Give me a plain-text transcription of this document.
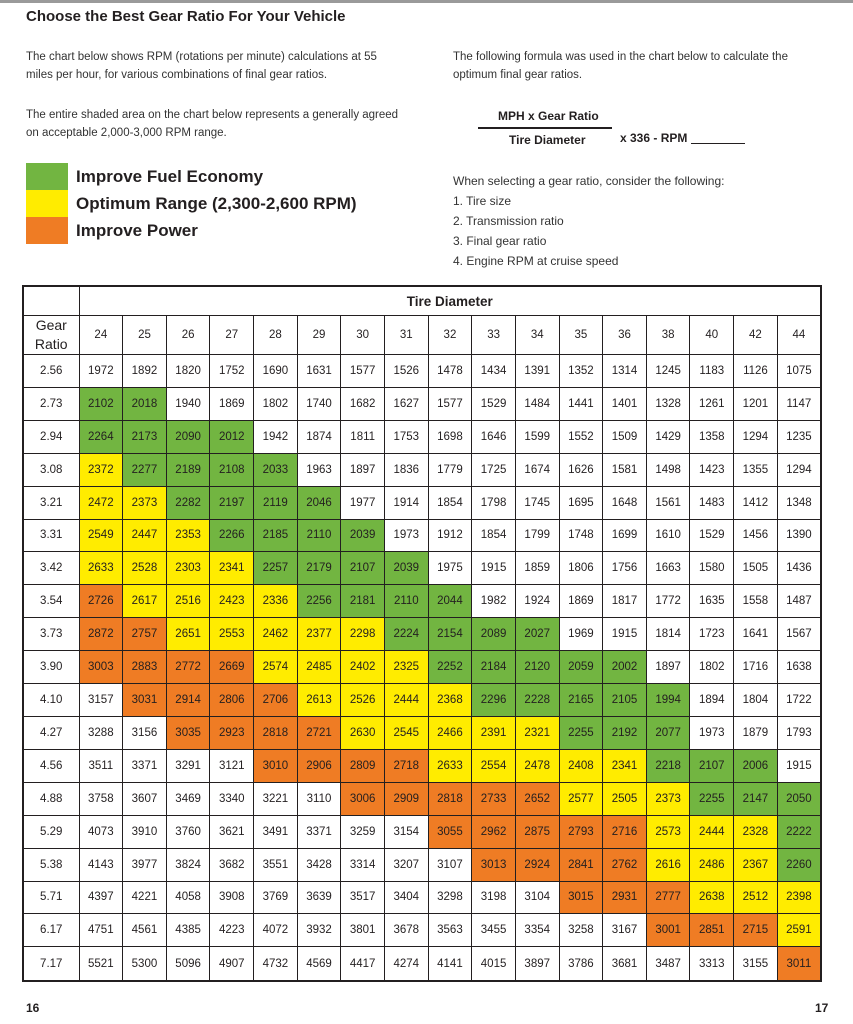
Choose the Best Gear Ratio For Your Vehicle
The chart below shows RPM (rotations per minute) calculations at 55 miles per hour, for various combinations of final gear ratios.
The entire shaded area on the chart below represents a generally agreed on acceptable 2,000-3,000 RPM range.
The following formula was used in the chart below to calculate the optimum final gear ratios.
MPH x Gear Ratio
Tire Diameter	x 336 - RPM
Improve Fuel Economy
Optimum Range (2,300-2,600 RPM)
Improve Power
When selecting a gear ratio, consider the following:
1. Tire size
2. Transmission ratio
3. Final gear ratio
4. Engine RPM at cruise speed
	Tire Diameter																
Gear Ratio	24	25	26	27	28	29	30	31	32	33	34	35	36	38	40	42	44
2.56	1972	1892	1820	1752	1690	1631	1577	1526	1478	1434	1391	1352	1314	1245	1183	1126	1075
2.73	2102	2018	1940	1869	1802	1740	1682	1627	1577	1529	1484	1441	1401	1328	1261	1201	1147
2.94	2264	2173	2090	2012	1942	1874	1811	1753	1698	1646	1599	1552	1509	1429	1358	1294	1235
3.08	2372	2277	2189	2108	2033	1963	1897	1836	1779	1725	1674	1626	1581	1498	1423	1355	1294
3.21	2472	2373	2282	2197	2119	2046	1977	1914	1854	1798	1745	1695	1648	1561	1483	1412	1348
3.31	2549	2447	2353	2266	2185	2110	2039	1973	1912	1854	1799	1748	1699	1610	1529	1456	1390
3.42	2633	2528	2303	2341	2257	2179	2107	2039	1975	1915	1859	1806	1756	1663	1580	1505	1436
3.54	2726	2617	2516	2423	2336	2256	2181	2110	2044	1982	1924	1869	1817	1772	1635	1558	1487
3.73	2872	2757	2651	2553	2462	2377	2298	2224	2154	2089	2027	1969	1915	1814	1723	1641	1567
3.90	3003	2883	2772	2669	2574	2485	2402	2325	2252	2184	2120	2059	2002	1897	1802	1716	1638
4.10	3157	3031	2914	2806	2706	2613	2526	2444	2368	2296	2228	2165	2105	1994	1894	1804	1722
4.27	3288	3156	3035	2923	2818	2721	2630	2545	2466	2391	2321	2255	2192	2077	1973	1879	1793
4.56	3511	3371	3291	3121	3010	2906	2809	2718	2633	2554	2478	2408	2341	2218	2107	2006	1915
4.88	3758	3607	3469	3340	3221	3110	3006	2909	2818	2733	2652	2577	2505	2373	2255	2147	2050
5.29	4073	3910	3760	3621	3491	3371	3259	3154	3055	2962	2875	2793	2716	2573	2444	2328	2222
5.38	4143	3977	3824	3682	3551	3428	3314	3207	3107	3013	2924	2841	2762	2616	2486	2367	2260
5.71	4397	4221	4058	3908	3769	3639	3517	3404	3298	3198	3104	3015	2931	2777	2638	2512	2398
6.17	4751	4561	4385	4223	4072	3932	3801	3678	3563	3455	3354	3258	3167	3001	2851	2715	2591
7.17	5521	5300	5096	4907	4732	4569	4417	4274	4141	4015	3897	3786	3681	3487	3313	3155	3011
16	17
